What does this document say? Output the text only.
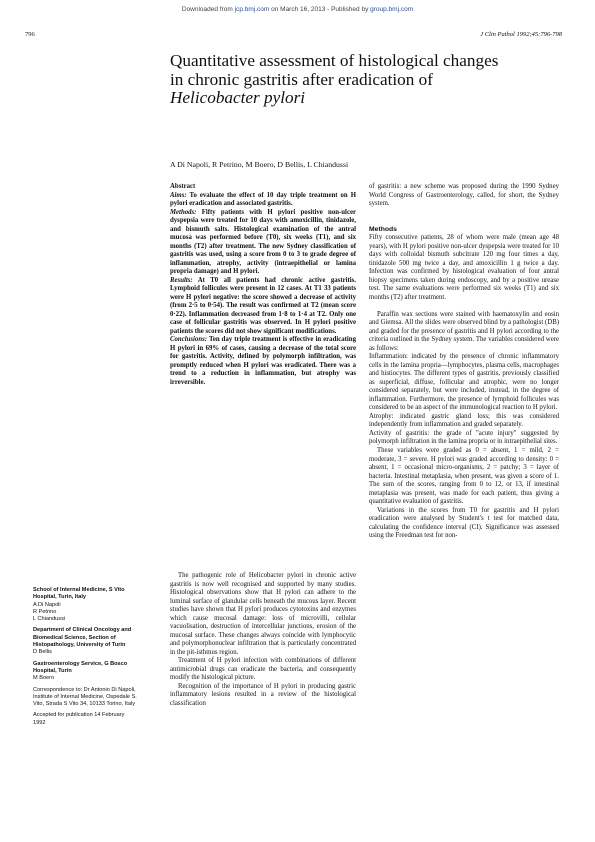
Downloaded from jcp.bmj.com on March 16, 2013 - Published by group.bmj.com
796	J Clin Pathol 1992;45:796-798
Quantitative assessment of histological changes
in chronic gastritis after eradication of
Helicobacter pylori
A Di Napoli, R Petrino, M Boero, D Bellis, L Chiandussi
Abstract

Aims: To evaluate the effect of 10 day triple treatment on H pylori eradication and associated gastritis.

Methods: Fifty patients with H pylori positive non-ulcer dyspepsia were treated for 10 days with amoxicillin, tinidazole, and bismuth salts. Histological examination of the antral mucosa was performed before (T0), six weeks (T1), and six months (T2) after treatment. The new Sydney classification of gastritis was used, using a score from 0 to 3 to grade degree of inflammation, atrophy, activity (intraepithelial or lamina propria damage) and H pylori.

Results: At T0 all patients had chronic active gastritis. Lymphoid follicules were present in 12 cases. At T1 33 patients were H pylori negative: the score showed a decrease of activity (from 2·5 to 0·54). The result was confirmed at T2 (mean score 0·22). Inflammation decreased from 1·8 to 1·4 at T2. Only one case of follicular gastritis was observed. In H pylori positive patients the scores did not show significant modifications.

Conclusions: Ten day triple treatment is effective in eradicating H pylori in 69% of cases, causing a decrease of the total score for gastritis. Activity, defined by polymorph infiltration, was promptly reduced when H pylori was eradicated. There was a trend to a reduction in inflammation, but atrophy was irreversible.

The pathogenic role of Helicobacter pylori in chronic active gastritis is now well recognised and supported by many studies. Histological observations show that H pylori can adhere to the luminal surface of glandular cells beneath the mucous layer. Recent studies have shown that H pylori produces cytotoxins and enzymes which cause mucosal damage: loss of microvilli, cellular vacuolisation, destruction of intercellular junctions, erosion of the mucosal surface. These changes always coincide with lymphocytic and polymorphonuclear infiltration that is particularly concentrated in the pit-isthmus region.

Treatment of H pylori infection with combinations of different antimicrobial drugs can eradicate the bacteria, and consequently modify the histological picture.

Recognition of the importance of H pylori in producing gastric inflammatory lesions resulted in a review of the histological classification

of gastritis: a new scheme was proposed during the 1990 Sydney World Congress of Gastroenterology, called, for short, the Sydney system.

Methods

Fifty consecutive patients, 28 of whom were male (mean age 48 years), with H pylori positive non-ulcer dyspepsia were treated for 10 days with colloidal bismuth subcitrate 120 mg four times a day, tinidazole 500 mg twice a day, and amoxicillin 1 g twice a day. Infection was confirmed by histological evaluation of four antral biopsy specimens taken during endoscopy, and by a positive urease test. The same evaluations were performed six weeks (T1) and six months (T2) after treatment.

Paraffin wax sections were stained with haematoxylin and eosin and Giemsa. All the slides were observed blind by a pathologist (DB) and graded for the presence of gastritis and H pylori according to the criteria outlined in the Sydney system. The variables considered were as follows:

Inflammation: indicated by the presence of chronic inflammatory cells in the lamina propria—lymphocytes, plasma cells, macrophages and histiocytes. The different types of gastritis, previously classified as superficial, diffuse, follicular and atrophic, were no longer considered separately, but were included, instead, in the degree of inflammation. Furthermore, the presence of lymphoid follicules was considered to be an aspect of the immunological reaction to H pylori.

Atrophy: indicated gastric gland loss; this was considered independently from inflammation and graded separately.

Activity of gastritis: the grade of "acute injury" suggested by polymorph infiltration in the lamina propria or in intraepithelial sites.

These variables were graded as 0 = absent, 1 = mild, 2 = moderate, 3 = severe. H pylori was graded according to density: 0 = absent, 1 = occasional micro-organisms, 2 = patchy; 3 = layer of bacteria. Intestinal metaplasia, when present, was given a score of 1. The sum of the scores, ranging from 0 to 12, or 13, if intestinal metaplasia was present, was made for each patient, thus giving a quantitative evaluation of gastritis.

Variations in the scores from T0 for gastritis and H pylori eradication were analysed by Student's t test for matched data, calculating the confidence interval (CI). Significance was assessed using the Freedman test for non-

School of Internal Medicine, S Vito Hospital, Turin, Italy
A Di Napoli
R Petrino
L Chiandussi
Department of Clinical Oncology and Biomedical Science, Section of Histopathology, University of Turin
D Bellis
Gastroenterology Service, G Bosco Hospital, Turin
M Boero
Correspondence to: Dr Antonio Di Napoli, Institute of Internal Medicine, Ospedale S. Vito, Strada S Vito 34, 10133 Torino, Italy
Accepted for publication 14 February 1992
